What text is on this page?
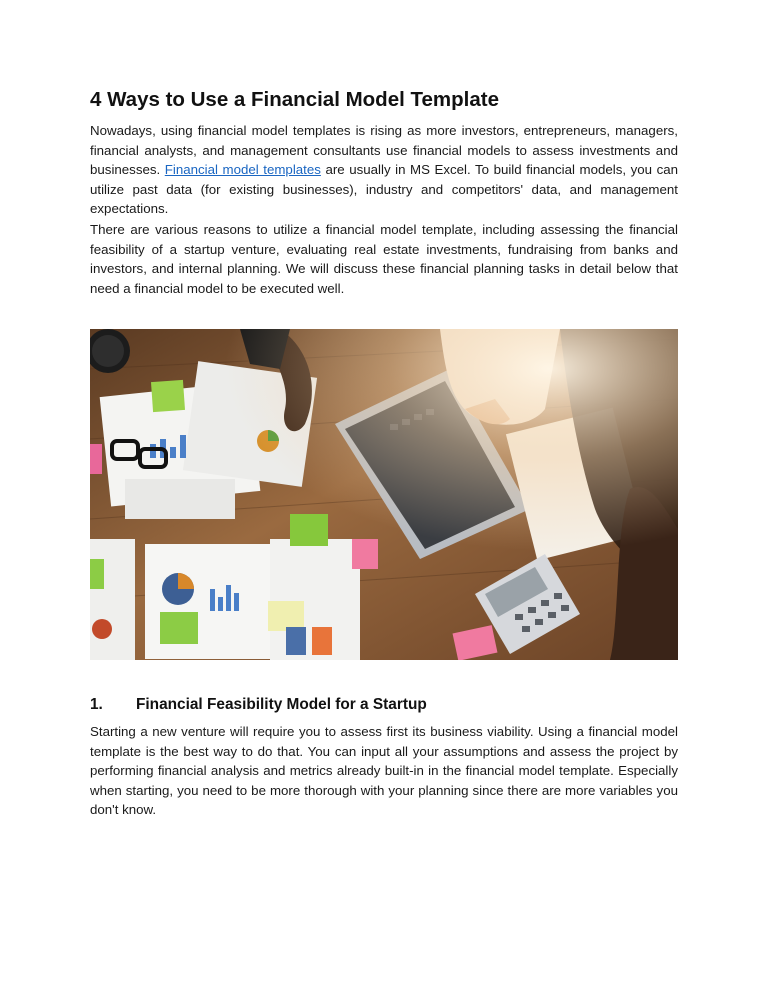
4 Ways to Use a Financial Model Template

Nowadays, using financial model templates is rising as more investors, entrepreneurs, managers, financial analysts, and management consultants use financial models to assess investments and businesses. Financial model templates are usually in MS Excel. To build financial models, you can utilize past data (for existing businesses), industry and competitors' data, and management expectations.

There are various reasons to utilize a financial model template, including assessing the financial feasibility of a startup venture, evaluating real estate investments, fundraising from banks and investors, and internal planning. We will discuss these financial planning tasks in detail below that need a financial model to be executed well.

1. Financial Feasibility Model for a Startup

Starting a new venture will require you to assess first its business viability. Using a financial model template is the best way to do that. You can input all your assumptions and assess the project by performing financial analysis and metrics already built-in in the financial model template. Especially when starting, you need to be more thorough with your planning since there are more variables you don't know.
